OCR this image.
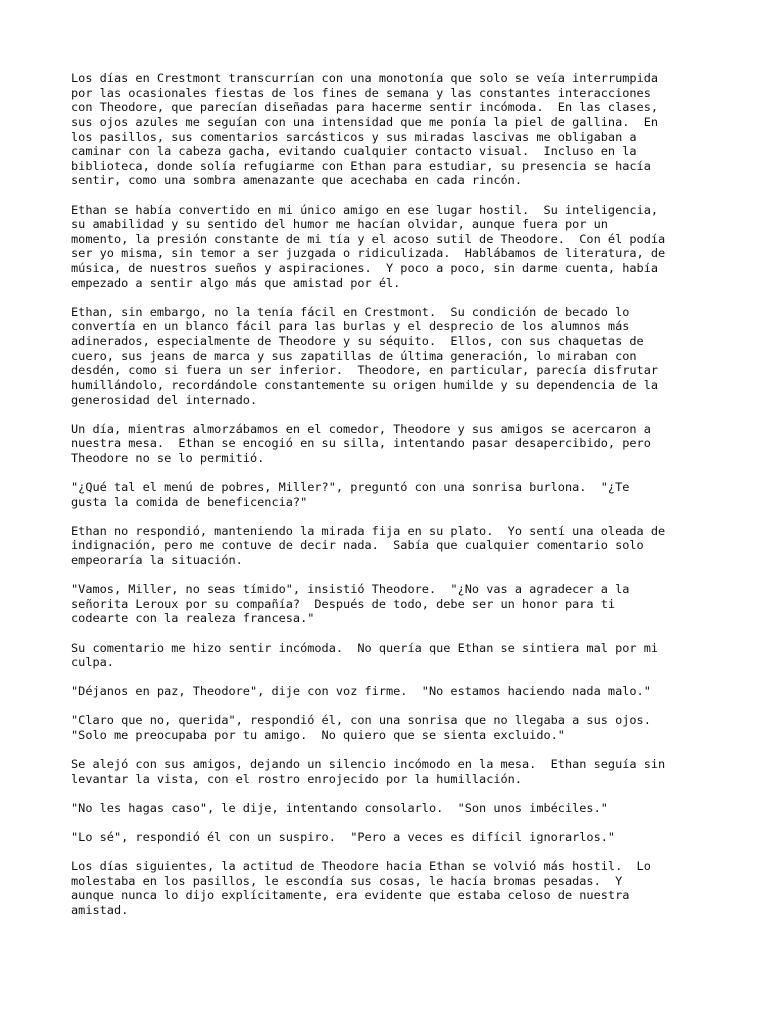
Los días en Crestmont transcurrían con una monotonía que solo se veía interrumpida
por las ocasionales fiestas de los fines de semana y las constantes interacciones
con Theodore, que parecían diseñadas para hacerme sentir incómoda.  En las clases,
sus ojos azules me seguían con una intensidad que me ponía la piel de gallina.  En
los pasillos, sus comentarios sarcásticos y sus miradas lascivas me obligaban a
caminar con la cabeza gacha, evitando cualquier contacto visual.  Incluso en la
biblioteca, donde solía refugiarme con Ethan para estudiar, su presencia se hacía
sentir, como una sombra amenazante que acechaba en cada rincón.

Ethan se había convertido en mi único amigo en ese lugar hostil.  Su inteligencia,
su amabilidad y su sentido del humor me hacían olvidar, aunque fuera por un
momento, la presión constante de mi tía y el acoso sutil de Theodore.  Con él podía
ser yo misma, sin temor a ser juzgada o ridiculizada.  Hablábamos de literatura, de
música, de nuestros sueños y aspiraciones.  Y poco a poco, sin darme cuenta, había
empezado a sentir algo más que amistad por él.

Ethan, sin embargo, no la tenía fácil en Crestmont.  Su condición de becado lo
convertía en un blanco fácil para las burlas y el desprecio de los alumnos más
adinerados, especialmente de Theodore y su séquito.  Ellos, con sus chaquetas de
cuero, sus jeans de marca y sus zapatillas de última generación, lo miraban con
desdén, como si fuera un ser inferior.  Theodore, en particular, parecía disfrutar
humillándolo, recordándole constantemente su origen humilde y su dependencia de la
generosidad del internado.

Un día, mientras almorzábamos en el comedor, Theodore y sus amigos se acercaron a
nuestra mesa.  Ethan se encogió en su silla, intentando pasar desapercibido, pero
Theodore no se lo permitió.

"¿Qué tal el menú de pobres, Miller?", preguntó con una sonrisa burlona.  "¿Te
gusta la comida de beneficencia?"

Ethan no respondió, manteniendo la mirada fija en su plato.  Yo sentí una oleada de
indignación, pero me contuve de decir nada.  Sabía que cualquier comentario solo
empeoraría la situación.

"Vamos, Miller, no seas tímido", insistió Theodore.  "¿No vas a agradecer a la
señorita Leroux por su compañía?  Después de todo, debe ser un honor para ti
codearte con la realeza francesa."

Su comentario me hizo sentir incómoda.  No quería que Ethan se sintiera mal por mi
culpa.

"Déjanos en paz, Theodore", dije con voz firme.  "No estamos haciendo nada malo."

"Claro que no, querida", respondió él, con una sonrisa que no llegaba a sus ojos.
"Solo me preocupaba por tu amigo.  No quiero que se sienta excluido."

Se alejó con sus amigos, dejando un silencio incómodo en la mesa.  Ethan seguía sin
levantar la vista, con el rostro enrojecido por la humillación.

"No les hagas caso", le dije, intentando consolarlo.  "Son unos imbéciles."

"Lo sé", respondió él con un suspiro.  "Pero a veces es difícil ignorarlos."

Los días siguientes, la actitud de Theodore hacia Ethan se volvió más hostil.  Lo
molestaba en los pasillos, le escondía sus cosas, le hacía bromas pesadas.  Y
aunque nunca lo dijo explícitamente, era evidente que estaba celoso de nuestra
amistad.
